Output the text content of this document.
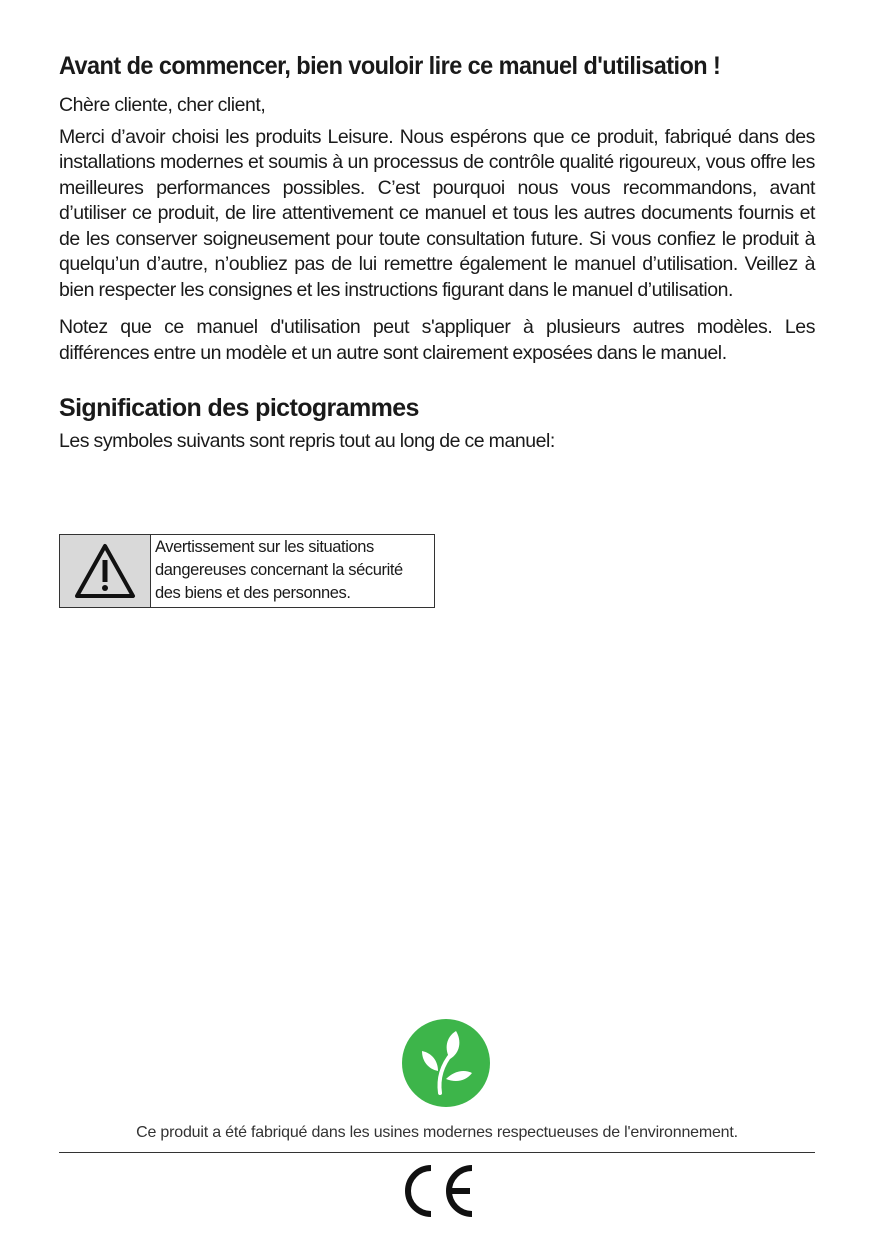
Avant de commencer, bien vouloir lire ce manuel d'utilisation !

Chère cliente, cher client,

Merci d’avoir choisi les produits Leisure. Nous espérons que ce produit, fabriqué dans des installations modernes et soumis à un processus de contrôle qualité rigoureux, vous offre les meilleures performances possibles. C’est pourquoi nous vous recommandons, avant d’utiliser ce produit, de lire attentivement ce manuel et tous les autres documents fournis et de les conserver soigneusement pour toute consultation future. Si vous confiez le produit à quelqu’un d’autre, n’oubliez pas de lui remettre également le manuel d’utilisation. Veillez à bien respecter les consignes et les instructions figurant dans le manuel d’utilisation.

Notez que ce manuel d'utilisation peut s'appliquer à plusieurs autres modèles. Les différences entre un modèle et un autre sont clairement exposées dans le manuel.

Signification des pictogrammes

Les symboles suivants sont repris tout au long de ce manuel:

Avertissement sur les situations
dangereuses concernant la sécurité
des biens et des personnes.
Ce produit a été fabriqué dans les usines modernes respectueuses de l'environnement.
